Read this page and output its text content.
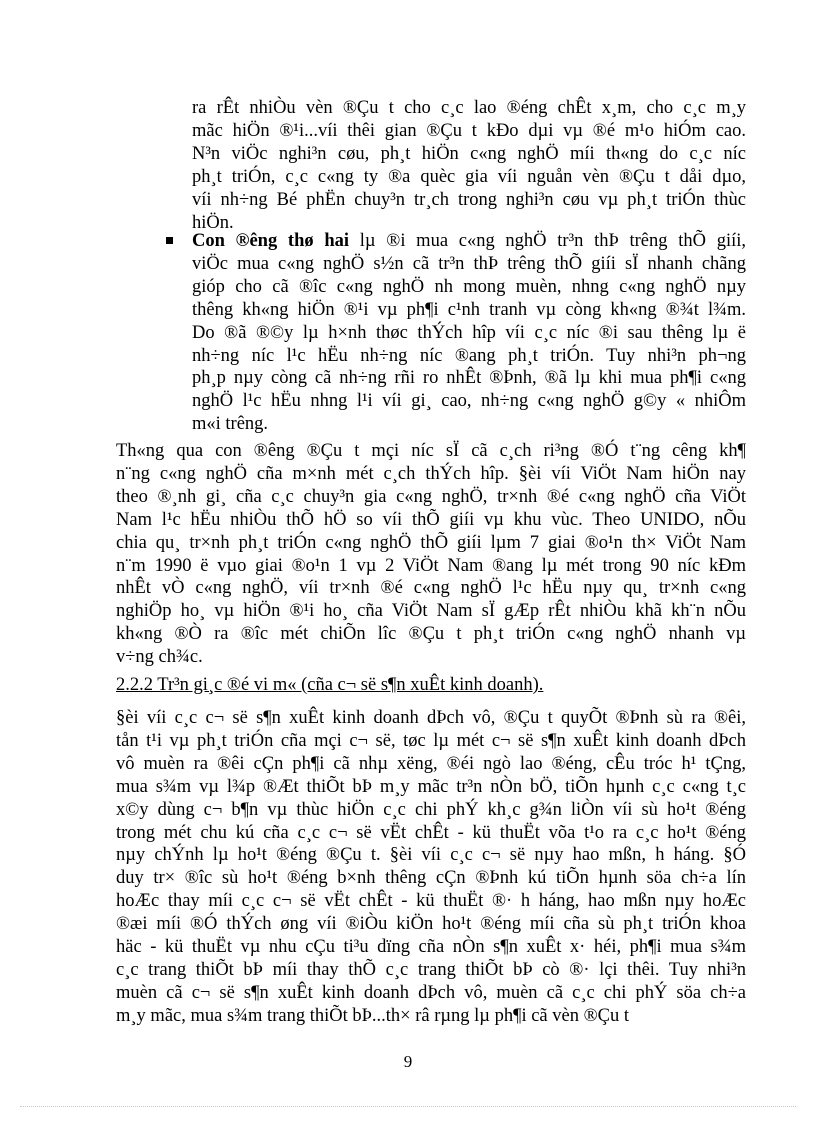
ra rÊt nhiÒu vèn ®Çu t cho c¸c lao ®éng chÊt x¸m, cho c¸c m¸y
mãc hiÖn ®¹i...víi thêi gian ®Çu t kÐo dµi vµ ®é m¹o hiÓm cao.
N³n viÖc nghi³n cøu, ph¸t hiÖn c«ng nghÖ míi th«ng do c¸c níc
ph¸t triÓn, c¸c c«ng ty ®a quèc gia víi nguån vèn ®Çu t dåi dµo,
víi nh÷ng Bé phËn chuy³n tr¸ch trong nghi³n cøu vµ ph¸t triÓn thùc
hiÖn.
Con ®êng thø hai lµ ®i mua c«ng nghÖ tr³n thÞ trêng thÕ giíi,
viÖc mua c«ng nghÖ s½n cã tr³n thÞ trêng thÕ giíi sÏ nhanh chãng
gióp cho cã ®îc c«ng nghÖ nh mong muèn, nhng c«ng nghÖ nµy
thêng kh«ng hiÖn ®¹i vµ ph¶i c¹nh tranh vµ còng kh«ng ®¾t l¾m.
Do ®ã ®©y lµ h×nh thøc thÝch hîp víi c¸c níc ®i sau thêng lµ ë
nh÷ng níc l¹c hËu nh÷ng níc ®ang ph¸t triÓn. Tuy nhi³n ph¬ng
ph¸p nµy còng cã nh÷ng rñi ro nhÊt ®Þnh, ®ã lµ khi mua ph¶i c«ng
nghÖ l¹c hËu nhng l¹i víi gi¸ cao, nh÷ng c«ng nghÖ g©y « nhiÔm
m«i trêng.
Th«ng qua con ®êng ®Çu t mçi níc sÏ cã c¸ch ri³ng ®Ó t¨ng cêng kh¶
n¨ng c«ng nghÖ cña m×nh mét c¸ch thÝch hîp. §èi víi ViÖt Nam hiÖn nay
theo ®¸nh gi¸ cña c¸c chuy³n gia c«ng nghÖ, tr×nh ®é c«ng nghÖ cña ViÖt
Nam l¹c hËu nhiÒu thÕ hÖ so víi thÕ giíi vµ khu vùc. Theo UNIDO, nÕu
chia qu¸ tr×nh ph¸t triÓn c«ng nghÖ thÕ giíi lµm 7 giai ®o¹n th× ViÖt Nam
n¨m 1990 ë vµo giai ®o¹n 1 vµ 2 ViÖt Nam ®ang lµ mét trong 90 níc kÐm
nhÊt vÒ c«ng nghÖ, víi tr×nh ®é c«ng nghÖ l¹c hËu nµy qu¸ tr×nh c«ng
nghiÖp ho¸ vµ hiÖn ®¹i ho¸ cña ViÖt Nam sÏ gÆp rÊt nhiÒu khã kh¨n nÕu
kh«ng ®Ò ra ®îc mét chiÕn lîc ®Çu t ph¸t triÓn c«ng nghÖ nhanh vµ
v÷ng ch¾c.
2.2.2 Tr³n gi¸c ®é vi m« (cña c¬ së s¶n xuÊt kinh doanh).
§èi víi c¸c c¬ së s¶n xuÊt kinh doanh dÞch vô, ®Çu t quyÕt ®Þnh sù ra ®êi,
tån t¹i vµ ph¸t triÓn cña mçi c¬ së, tøc lµ mét c¬ së s¶n xuÊt kinh doanh dÞch
vô muèn ra ®êi cÇn ph¶i cã nhµ xëng, ®éi ngò lao ®éng, cÊu tróc h¹ tÇng,
mua s¾m vµ l¾p ®Æt thiÕt bÞ m¸y mãc tr³n nÒn bÖ, tiÕn hµnh c¸c c«ng t¸c
x©y dùng c¬ b¶n vµ thùc hiÖn c¸c chi phÝ kh¸c g¾n liÒn víi sù ho¹t ®éng
trong mét chu kú cña c¸c c¬ së vËt chÊt - kü thuËt võa t¹o ra c¸c ho¹t ®éng
nµy chÝnh lµ ho¹t ®éng ®Çu t. §èi víi c¸c c¬ së nµy hao mßn, h háng. §Ó
duy tr× ®îc sù ho¹t ®éng b×nh thêng cÇn ®Þnh kú tiÕn hµnh söa ch÷a lín
hoÆc thay míi c¸c c¬ së vËt chÊt - kü thuËt ®· h háng, hao mßn nµy hoÆc
®æi míi ®Ó thÝch øng víi ®iÒu kiÖn ho¹t ®éng míi cña sù ph¸t triÓn khoa
häc - kü thuËt vµ nhu cÇu ti³u dïng cña nÒn s¶n xuÊt x· héi, ph¶i mua s¾m
c¸c trang thiÕt bÞ míi thay thÕ c¸c trang thiÕt bÞ cò ®· lçi thêi. Tuy nhi³n
muèn cã c¬ së s¶n xuÊt kinh doanh dÞch vô, muèn cã c¸c chi phÝ söa ch÷a
m¸y mãc, mua s¾m trang thiÕt bÞ...th× râ rµng lµ ph¶i cã vèn ®Çu t
9
